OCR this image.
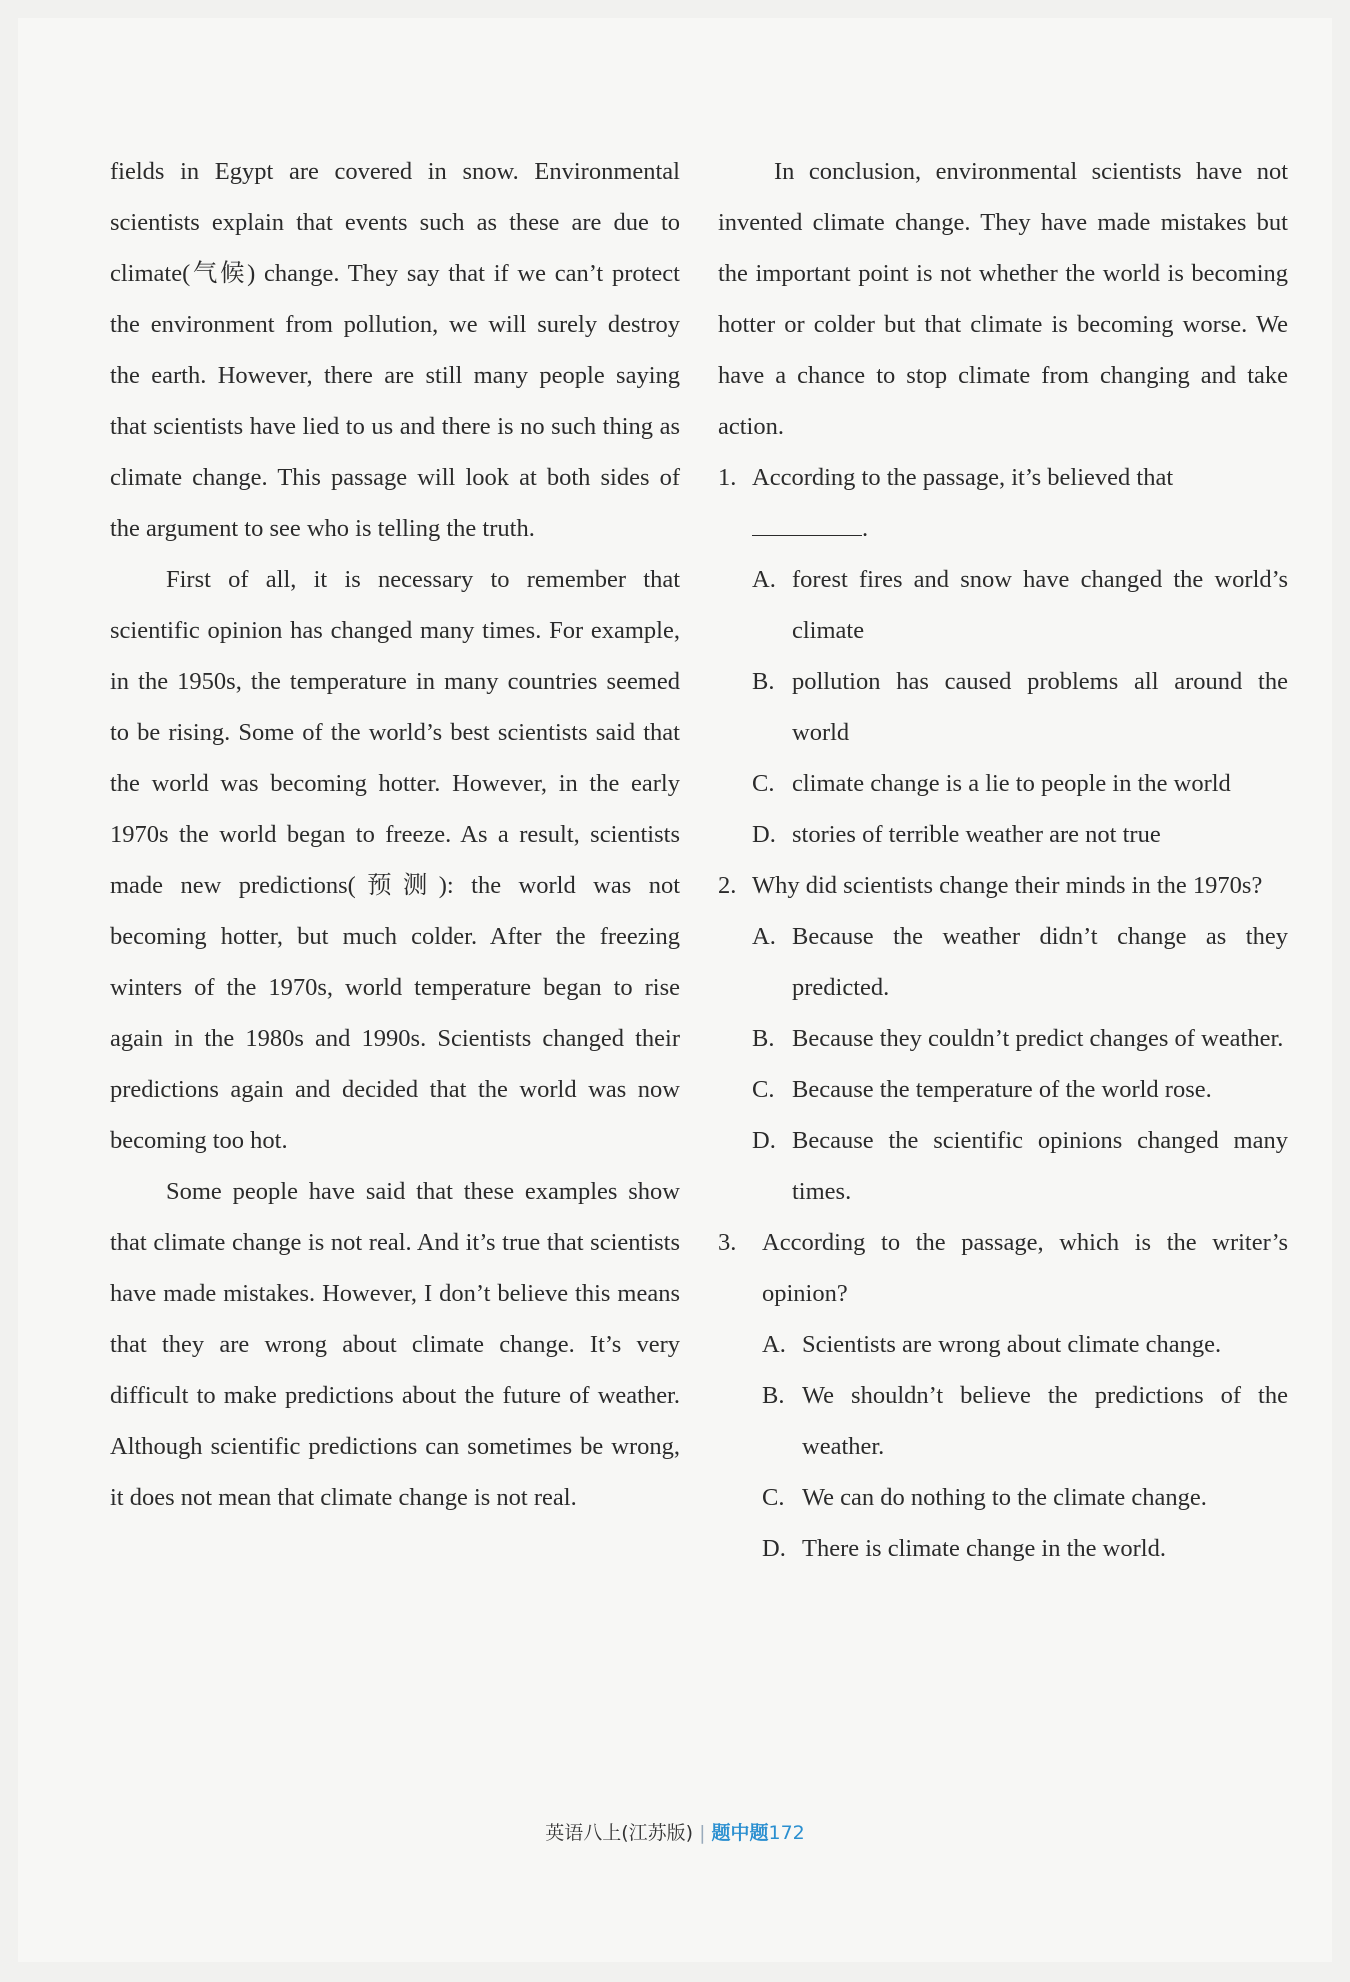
fields in Egypt are covered in snow. Environmental scientists explain that events such as these are due to climate(气候) change. They say that if we can’t protect the environment from pollution, we will surely destroy the earth. However, there are still many people saying that scientists have lied to us and there is no such thing as climate change. This passage will look at both sides of the argument to see who is telling the truth.

First of all, it is necessary to remember that scientific opinion has changed many times. For example, in the 1950s, the temperature in many countries seemed to be rising. Some of the world’s best scientists said that the world was becoming hotter. However, in the early 1970s the world began to freeze. As a result, scientists made new predictions(预测): the world was not becoming hotter, but much colder. After the freezing winters of the 1970s, world temperature began to rise again in the 1980s and 1990s. Scientists changed their predictions again and decided that the world was now becoming too hot.

Some people have said that these examples show that climate change is not real. And it’s true that scientists have made mistakes. However, I don’t believe this means that they are wrong about climate change. It’s very difficult to make predictions about the future of weather. Although scientific predictions can sometimes be wrong, it does not mean that climate change is not real.

In conclusion, environmental scientists have not invented climate change. They have made mistakes but the important point is not whether the world is becoming hotter or colder but that climate is becoming worse. We have a chance to stop climate from changing and take action.

1. According to the passage, it’s believed that
.
A. forest fires and snow have changed the world’s climate
B. pollution has caused problems all around the world
C. climate change is a lie to people in the world
D. stories of terrible weather are not true
2. Why did scientists change their minds in the 1970s?
A. Because the weather didn’t change as they predicted.
B. Because they couldn’t predict changes of weather.
C. Because the temperature of the world rose.
D. Because the scientific opinions changed many times.
3.	According to the passage, which is the writer’s opinion?
A. Scientists are wrong about climate change.
B. We shouldn’t believe the predictions of the weather.
C. We can do nothing to the climate change.
D. There is climate change in the world.
英语八上(江苏版) | 题中题172
